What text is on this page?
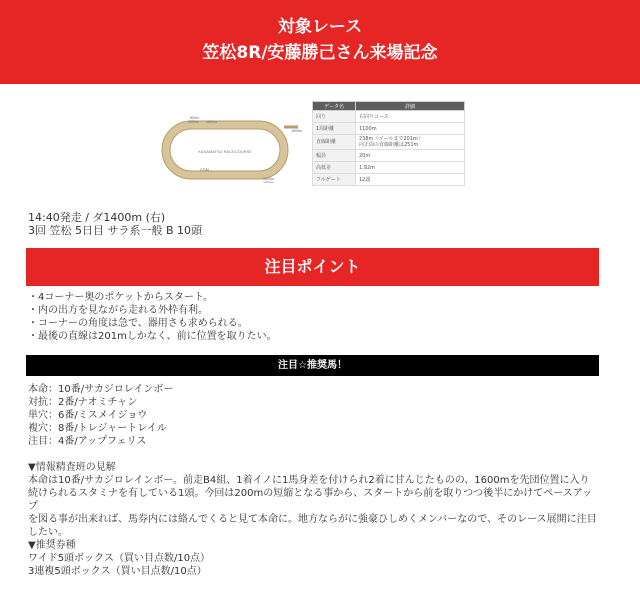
対象レース
笠松8R/安藤勝己さん来場記念
KASAMATSU RACECOURSE
800m
1900m 1800m
1600m
1400m
2500m
GOAL
データ名	詳細
回り	右回りコース
1周距離	1100m
直線距離	238m（ゴールまで201m）
向正面の直線距離は251m

幅員	20m
高低差	1.92m
フルゲート	12頭
14:40発走 / ダ1400m (右)
3回 笠松 5日目 サラ系一般 B 10頭
注目ポイント
・4コーナー奥のポケットからスタート。
・内の出方を見ながら走れる外枠有利。
・コーナーの角度は急で、器用さも求められる。
・最後の直線は201mしかなく、前に位置を取りたい。
注目☆推奨馬！
本命：10番/サカジロレインボー
対抗：2番/ナオミチャン
単穴：6番/ミスメイジョウ
複穴：8番/トレジャートレイル
注目：4番/アップフェリス
▼情報精査班の見解
本命は10番/サカジロレインボー。前走B4組、1着イノに1馬身差を付けられ2着に甘んじたものの、1600mを先団位置に入り
続けられるスタミナを有している1頭。今回は200mの短縮となる事から、スタートから前を取りつつ後半にかけてペースアップ
を図る事が出来れば、馬券内には絡んでくると見て本命に。地方ならがに強豪ひしめくメンバーなので、そのレース展開に注目
したい。
▼推奨券種
ワイド5頭ボックス（買い目点数/10点）
3連複5頭ボックス（買い目点数/10点）
